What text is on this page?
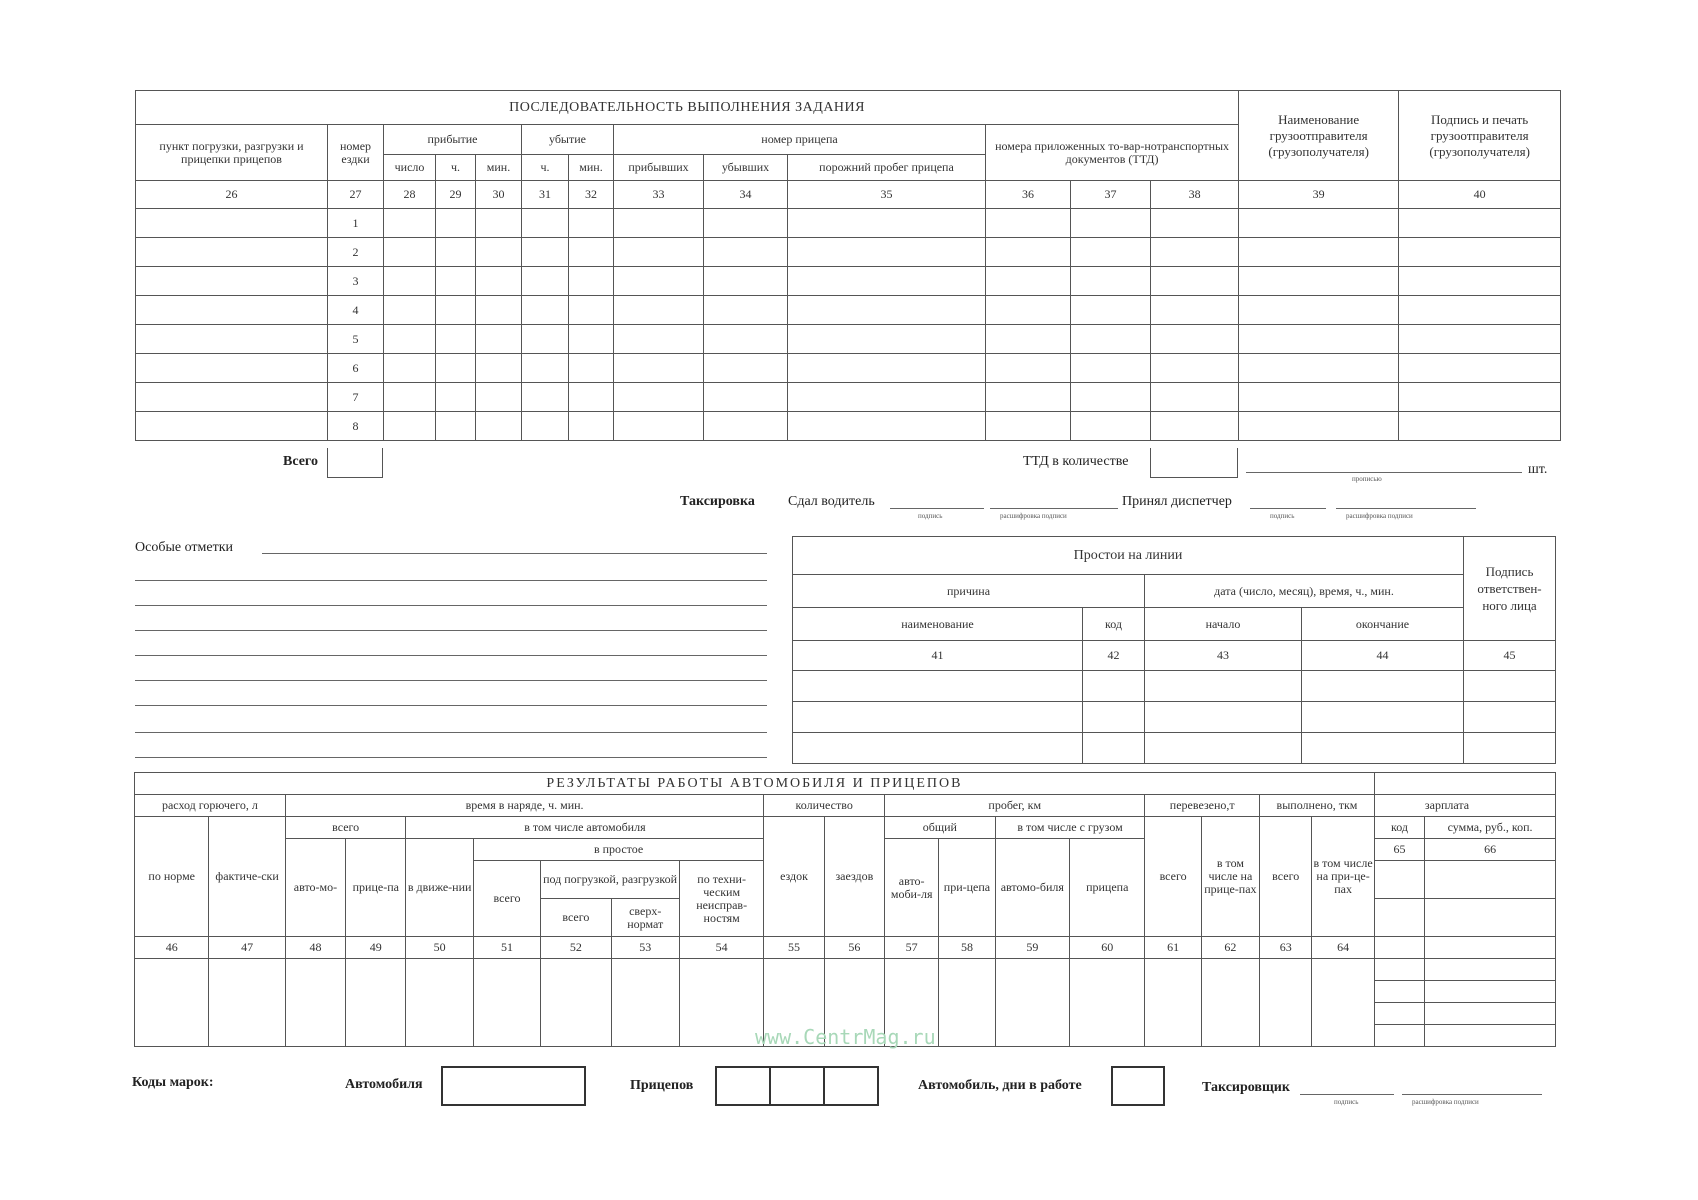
ПОСЛЕДОВАТЕЛЬНОСТЬ ВЫПОЛНЕНИЯ ЗАДАНИЯ													Наименование грузоотправителя (грузополучателя)	Подпись и печать грузоотправителя (грузополучателя)
пункт погрузки, разгрузки и прицепки прицепов	номер ездки	прибытие			убытие		номер прицепа			номера приложенных то-вар-нотранспортных документов (ТТД)				
		число	ч.	мин.	ч.	мин.	прибывших	убывших	порожний пробег прицепа					
26	27	28	29	30	31	32	33	34	35	36	37	38	39	40
	1													
	2													
	3													
	4													
	5													
	6													
	7													
	8													
Всего	ТТД в количестве
прописью
шт.
Таксировка Сдал водитель
подпись	расшифровка подписи
Принял диспетчер
подпись	расшифровка подписи
Особые отметки
Простои на линии				Подпись ответствен-ного лица
причина		дата (число, месяц), время, ч., мин.		
наименование	код	начало	окончание	
41	42	43	44	45

РЕЗУЛЬТАТЫ РАБОТЫ АВТОМОБИЛЯ И ПРИЦЕПОВ																				
расход горючего, л		время в наряде, ч. мин.							количество		пробег, км				перевезено,т		выполнено, ткм		зарплата	
по норме	фактиче-ски	всего		в том числе автомобиля					ездок	заездов	общий		в том числе с грузом		всего	в том числе на прице-пах	всего	в том числе на при-це-пах	код	сумма, руб., коп.
		авто-мо-	прице-па	в движе-нии	в простое						авто-моби-ля	при-цепа	автомо-биля	прицепа					65	66
					всего	под погрузкой, разгрузкой		по техни-ческим неисправ-ностям												
						всего	сверх-нормат													
46	47	48	49	50	51	52	53	54	55	56	57	58	59	60	61	62	63	64		

Коды марок:	Автомобиля	Прицепов	Автомобиль, дни в работе	Таксировщик
подпись	расшифровка подписи
www.CentrMag.ru
